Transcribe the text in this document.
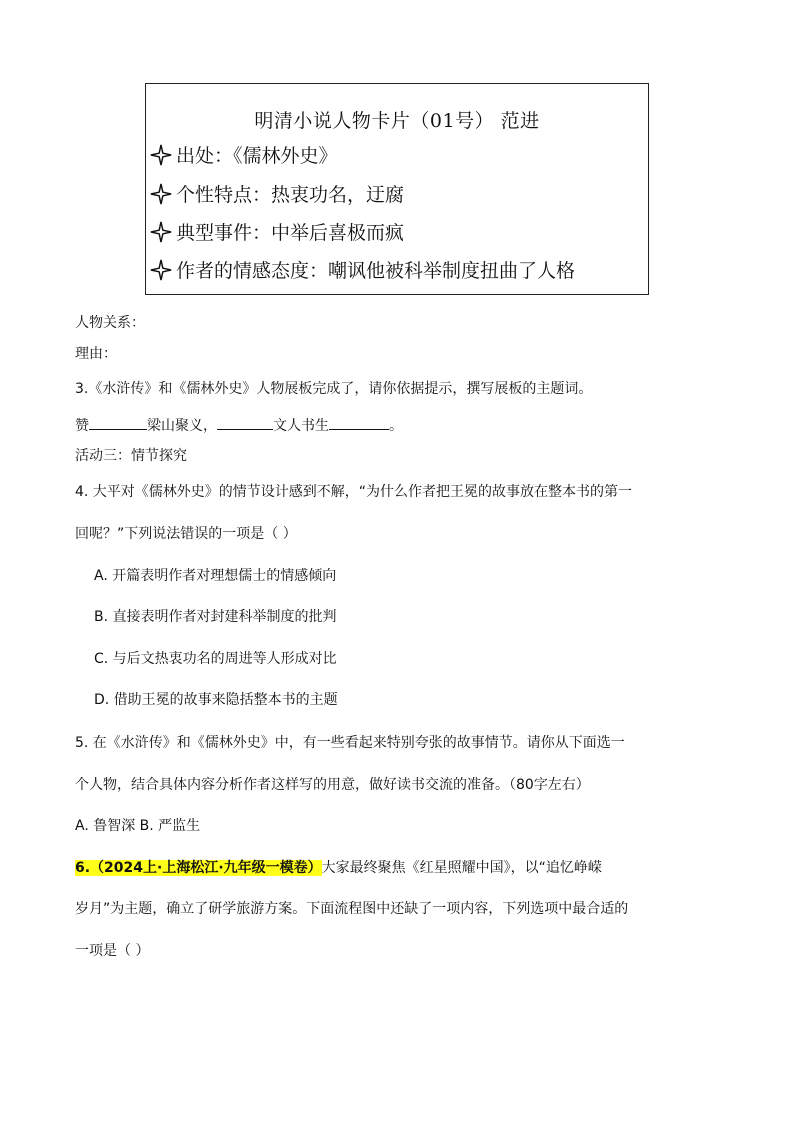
明清小说人物卡片（01号） 范进
出处：《儒林外史》
个性特点：热衷功名，迂腐
典型事件：中举后喜极而疯
作者的情感态度：嘲讽他被科举制度扭曲了人格
人物关系：
理由：
3.《水浒传》和《儒林外史》人物展板完成了，请你依据提示，撰写展板的主题词。
赞	梁山聚义，	文人书生	。
活动三：情节探究
4. 大平对《儒林外史》的情节设计感到不解，“为什么作者把王冕的故事放在整本书的第一
回呢？”下列说法错误的一项是（ ）
A. 开篇表明作者对理想儒士的情感倾向
B. 直接表明作者对封建科举制度的批判
C. 与后文热衷功名的周进等人形成对比
D. 借助王冕的故事来隐括整本书的主题
5. 在《水浒传》和《儒林外史》中，有一些看起来特别夸张的故事情节。请你从下面选一
个人物，结合具体内容分析作者这样写的用意，做好读书交流的准备。（80字左右）
A. 鲁智深 B. 严监生
6.（2024上·上海松江·九年级一模卷）大家最终聚焦《红星照耀中国》，以“追忆峥嵘
岁月”为主题，确立了研学旅游方案。下面流程图中还缺了一项内容，下列选项中最合适的
一项是（ ）
